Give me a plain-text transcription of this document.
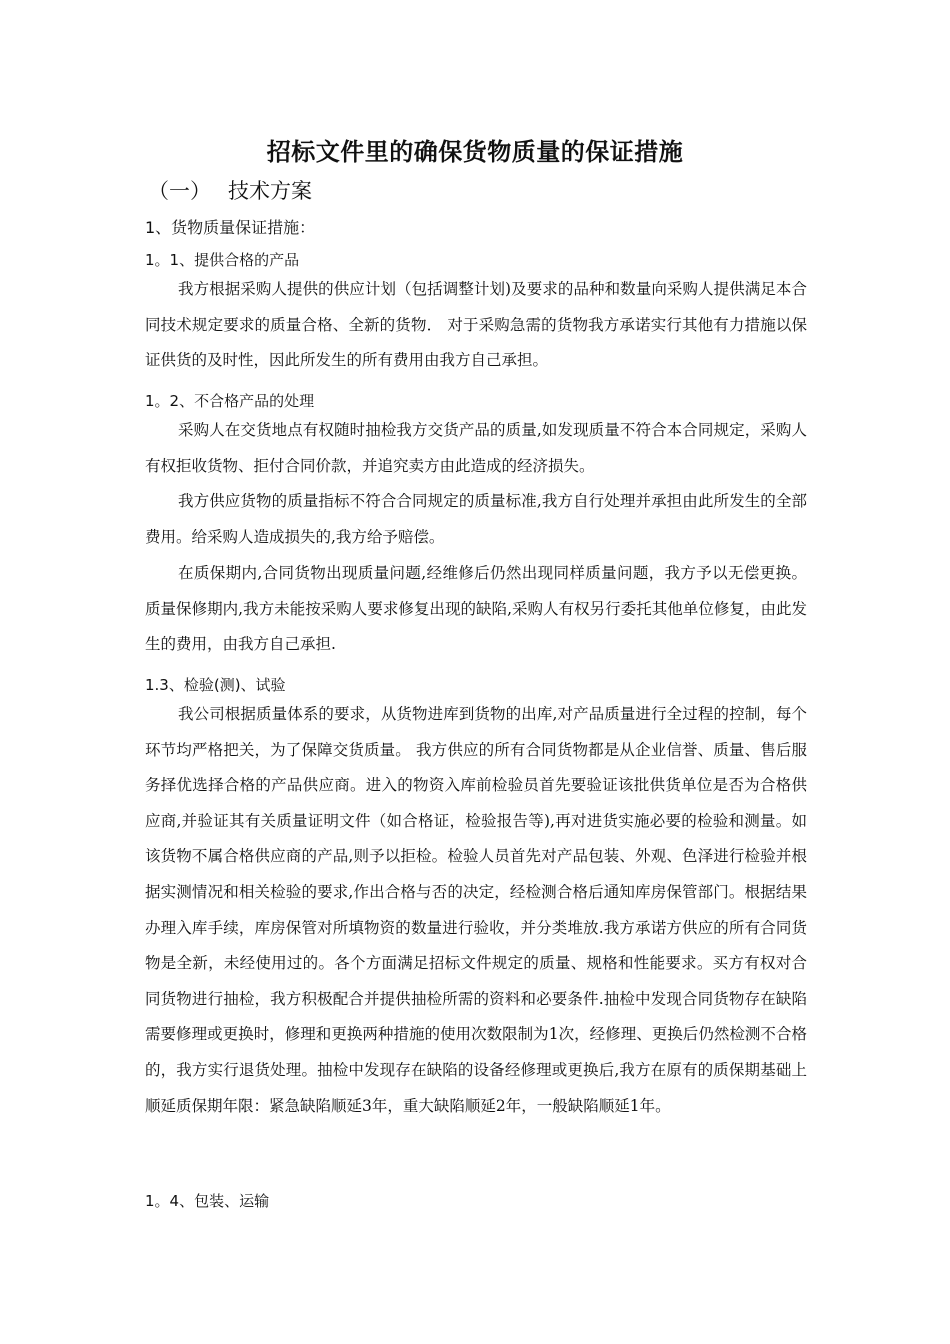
招标文件里的确保货物质量的保证措施
（一） 技术方案
1、货物质量保证措施：
1。1、提供合格的产品

我方根据采购人提供的供应计划（包括调整计划)及要求的品种和数量向采购人提供满足本合同技术规定要求的质量合格、全新的货物． 对于采购急需的货物我方承诺实行其他有力措施以保证供货的及时性，因此所发生的所有费用由我方自己承担。

1。2、不合格产品的处理

采购人在交货地点有权随时抽检我方交货产品的质量,如发现质量不符合本合同规定，采购人有权拒收货物、拒付合同价款，并追究卖方由此造成的经济损失。

我方供应货物的质量指标不符合合同规定的质量标准,我方自行处理并承担由此所发生的全部费用。给采购人造成损失的,我方给予赔偿。

在质保期内,合同货物出现质量问题,经维修后仍然出现同样质量问题，我方予以无偿更换。质量保修期内,我方未能按采购人要求修复出现的缺陷,采购人有权另行委托其他单位修复，由此发生的费用，由我方自己承担.

1.3、检验(测)、试验

我公司根据质量体系的要求，从货物进库到货物的出库,对产品质量进行全过程的控制，每个环节均严格把关，为了保障交货质量。 我方供应的所有合同货物都是从企业信誉、质量、售后服务择优选择合格的产品供应商。进入的物资入库前检验员首先要验证该批供货单位是否为合格供应商,并验证其有关质量证明文件（如合格证，检验报告等),再对进货实施必要的检验和测量。如该货物不属合格供应商的产品,则予以拒检。检验人员首先对产品包装、外观、色泽进行检验并根据实测情况和相关检验的要求,作出合格与否的决定，经检测合格后通知库房保管部门。根据结果办理入库手续，库房保管对所填物资的数量进行验收，并分类堆放.我方承诺方供应的所有合同货物是全新，未经使用过的。各个方面满足招标文件规定的质量、规格和性能要求。买方有权对合同货物进行抽检，我方积极配合并提供抽检所需的资料和必要条件.抽检中发现合同货物存在缺陷需要修理或更换时，修理和更换两种措施的使用次数限制为1次，经修理、更换后仍然检测不合格的，我方实行退货处理。抽检中发现存在缺陷的设备经修理或更换后,我方在原有的质保期基础上顺延质保期年限：紧急缺陷顺延3年，重大缺陷顺延2年，一般缺陷顺延1年。

1。4、包装、运输
